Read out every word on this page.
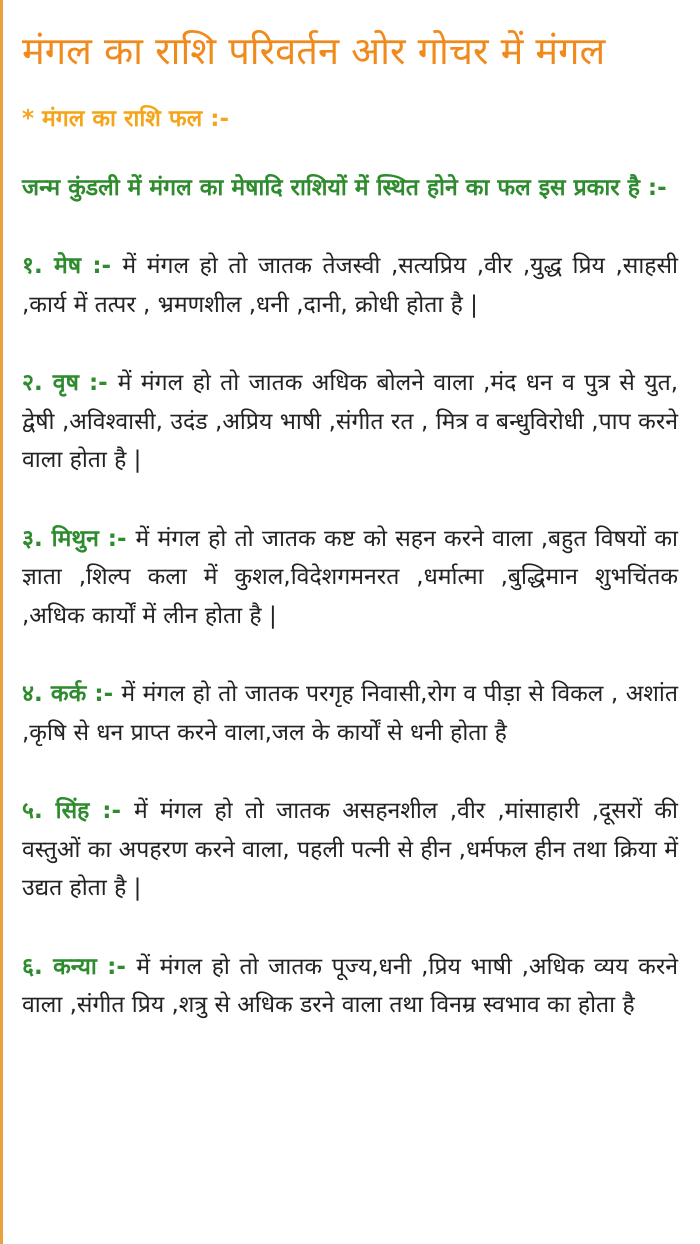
मंगल का राशि परिवर्तन ओर गोचर में मंगल

* मंगल का राशि फल :-

जन्म कुंडली में मंगल का मेषादि राशियों में स्थित होने का फल इस प्रकार है :-

१. मेष :- में मंगल हो तो जातक तेजस्वी ,सत्यप्रिय ,वीर ,युद्ध प्रिय ,साहसी ,कार्य में तत्पर , भ्रमणशील ,धनी ,दानी, क्रोधी होता है |

२. वृष :- में मंगल हो तो जातक अधिक बोलने वाला ,मंद धन व पुत्र से युत, द्वेषी ,अविश्वासी, उदंड ,अप्रिय भाषी ,संगीत रत , मित्र व बन्धुविरोधी ,पाप करने वाला होता है |

३. मिथुन :- में मंगल हो तो जातक कष्ट को सहन करने वाला ,बहुत विषयों का ज्ञाता ,शिल्प कला में कुशल,विदेशगमनरत ,धर्मात्मा ,बुद्धिमान शुभचिंतक ,अधिक कार्यों में लीन होता है |

४. कर्क :- में मंगल हो तो जातक परगृह निवासी,रोग व पीड़ा से विकल , अशांत ,कृषि से धन प्राप्त करने वाला,जल के कार्यों से धनी होता है

५. सिंह :- में मंगल हो तो जातक असहनशील ,वीर ,मांसाहारी ,दूसरों की वस्तुओं का अपहरण करने वाला, पहली पत्नी से हीन ,धर्मफल हीन तथा क्रिया में उद्यत होता है |

६. कन्या :- में मंगल हो तो जातक पूज्य,धनी ,प्रिय भाषी ,अधिक व्यय करने वाला ,संगीत प्रिय ,शत्रु से अधिक डरने वाला तथा विनम्र स्वभाव का होता है
